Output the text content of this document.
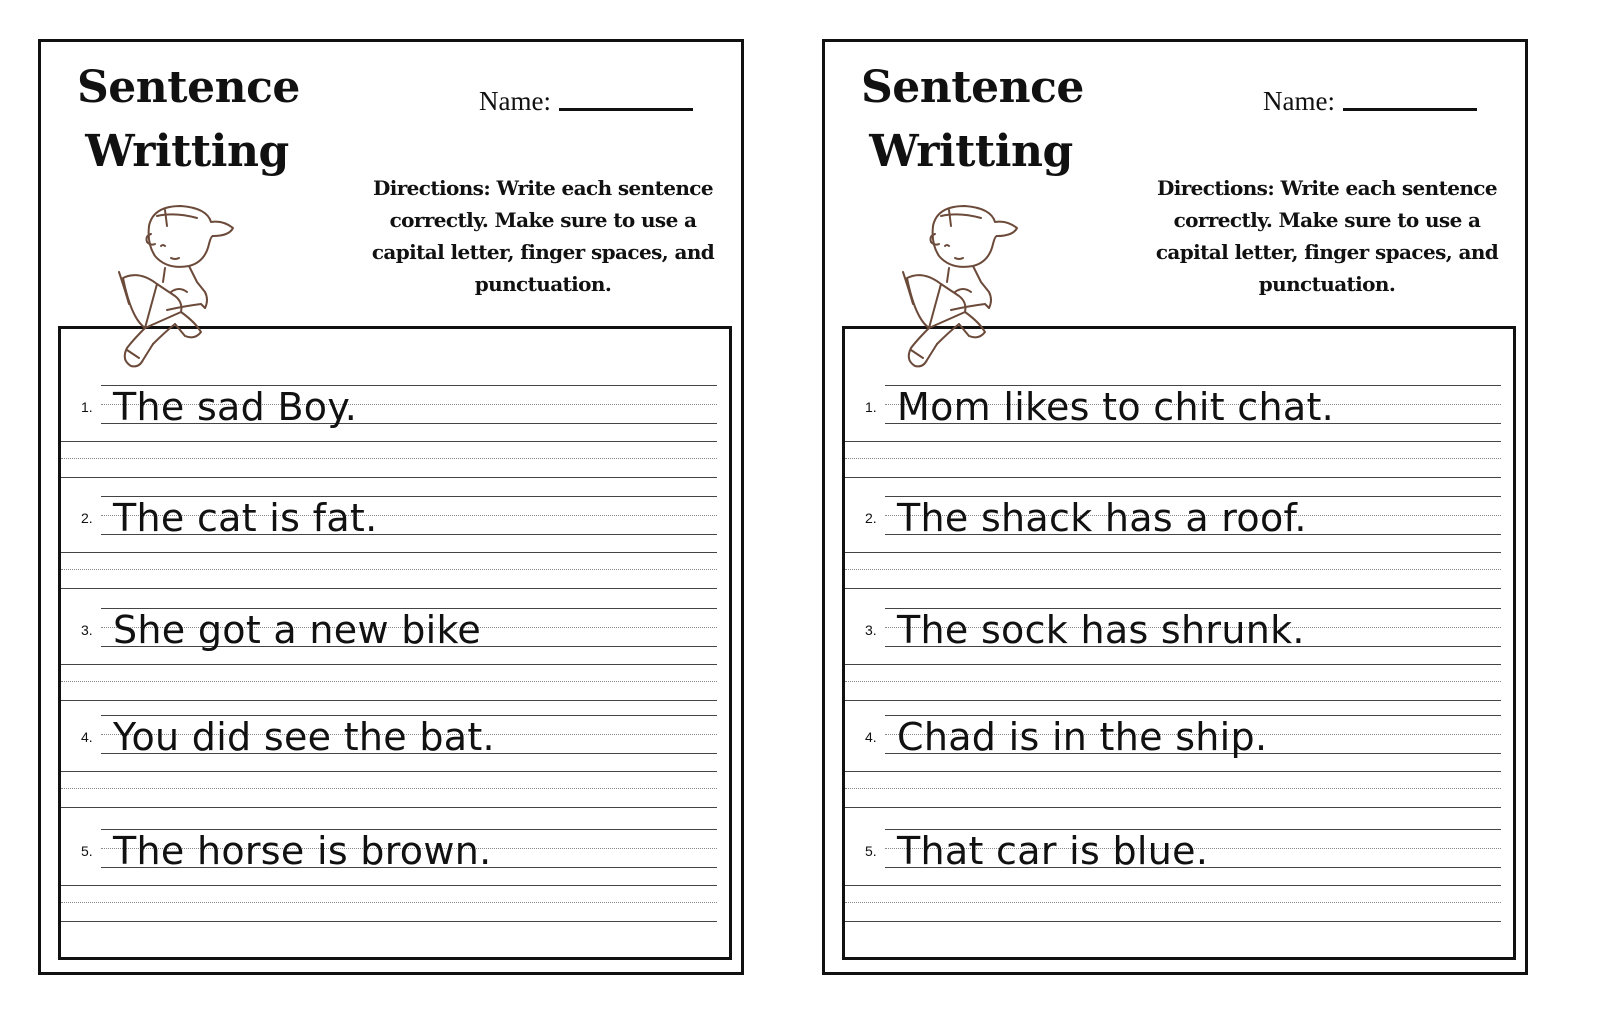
Sentence
Writting
Name:
Directions: Write each sentence correctly. Make sure to use a capital letter, finger spaces, and punctuation.
1. The sad Boy.
2. The cat is fat.
3. She got a new bike
4. You did see the bat.
5. The horse is brown.
Sentence
Writting
Name:
Directions: Write each sentence correctly. Make sure to use a capital letter, finger spaces, and punctuation.
1. Mom likes to chit chat.
2. The shack has a roof.
3. The sock has shrunk.
4. Chad is in the ship.
5. That car is blue.
